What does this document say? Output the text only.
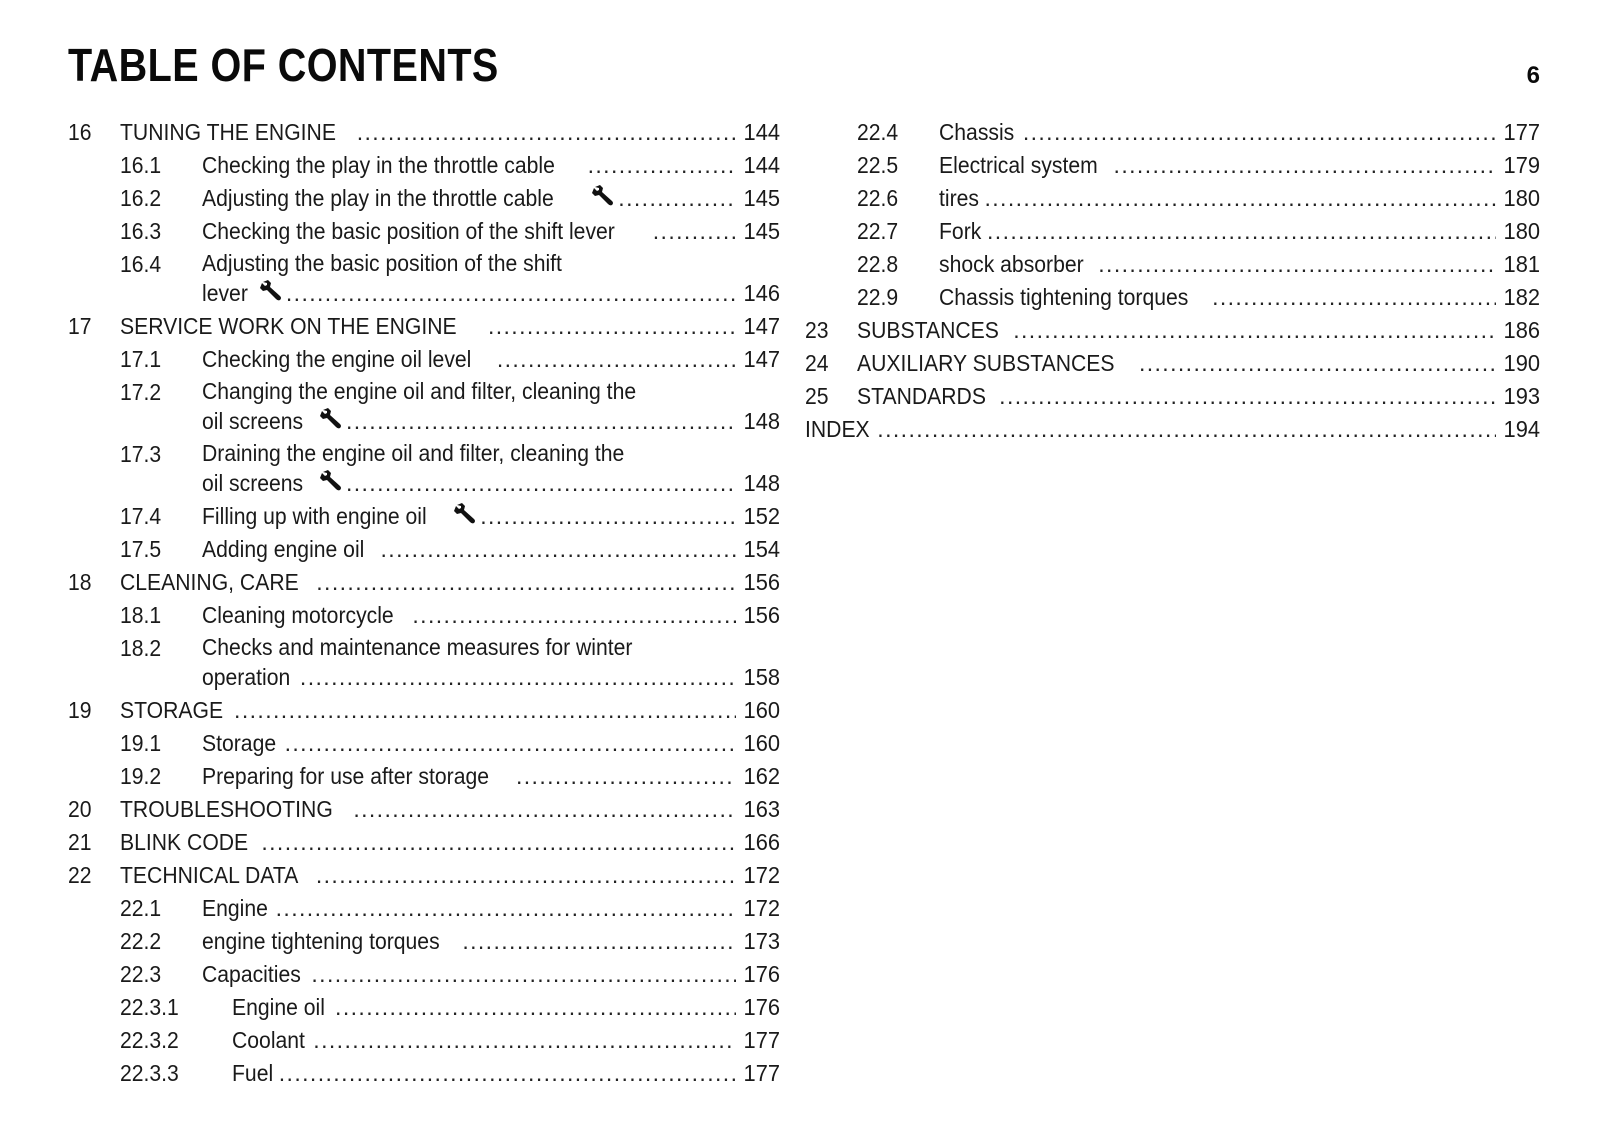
TABLE OF CONTENTS	6
16 TUNING THE ENGINE .....	144
16.1 Checking the play in the throttle cable .....	144
16.2 Adjusting the play in the throttle cable .....	145
16.3 Checking the basic position of the shift lever .....	145
16.4 Adjusting the basic position of the shift
lever .....	146
17 SERVICE WORK ON THE ENGINE .....	147
17.1 Checking the engine oil level .....	147
17.2 Changing the engine oil and filter, cleaning the
oil screens .....	148
17.3 Draining the engine oil and filter, cleaning the
oil screens .....	148
17.4 Filling up with engine oil .....	152
17.5 Adding engine oil .....	154
18 CLEANING, CARE .....	156
18.1 Cleaning motorcycle .....	156
18.2 Checks and maintenance measures for winter
operation .....	158
19 STORAGE .....	160
19.1 Storage .....	160
19.2 Preparing for use after storage .....	162
20 TROUBLESHOOTING .....	163
21 BLINK CODE .....	166
22 TECHNICAL DATA .....	172
22.1 Engine .....	172
22.2 engine tightening torques .....	173
22.3 Capacities .....	176
22.3.1 Engine oil .....	176
22.3.2 Coolant .....	177
22.3.3 Fuel .....	177
22.4 Chassis .....	177
22.5 Electrical system .....	179
22.6 tires .....	180
22.7 Fork .....	180
22.8 shock absorber .....	181
22.9 Chassis tightening torques .....	182
23 SUBSTANCES .....	186
24 AUXILIARY SUBSTANCES .....	190
25 STANDARDS .....	193
INDEX .....	194
